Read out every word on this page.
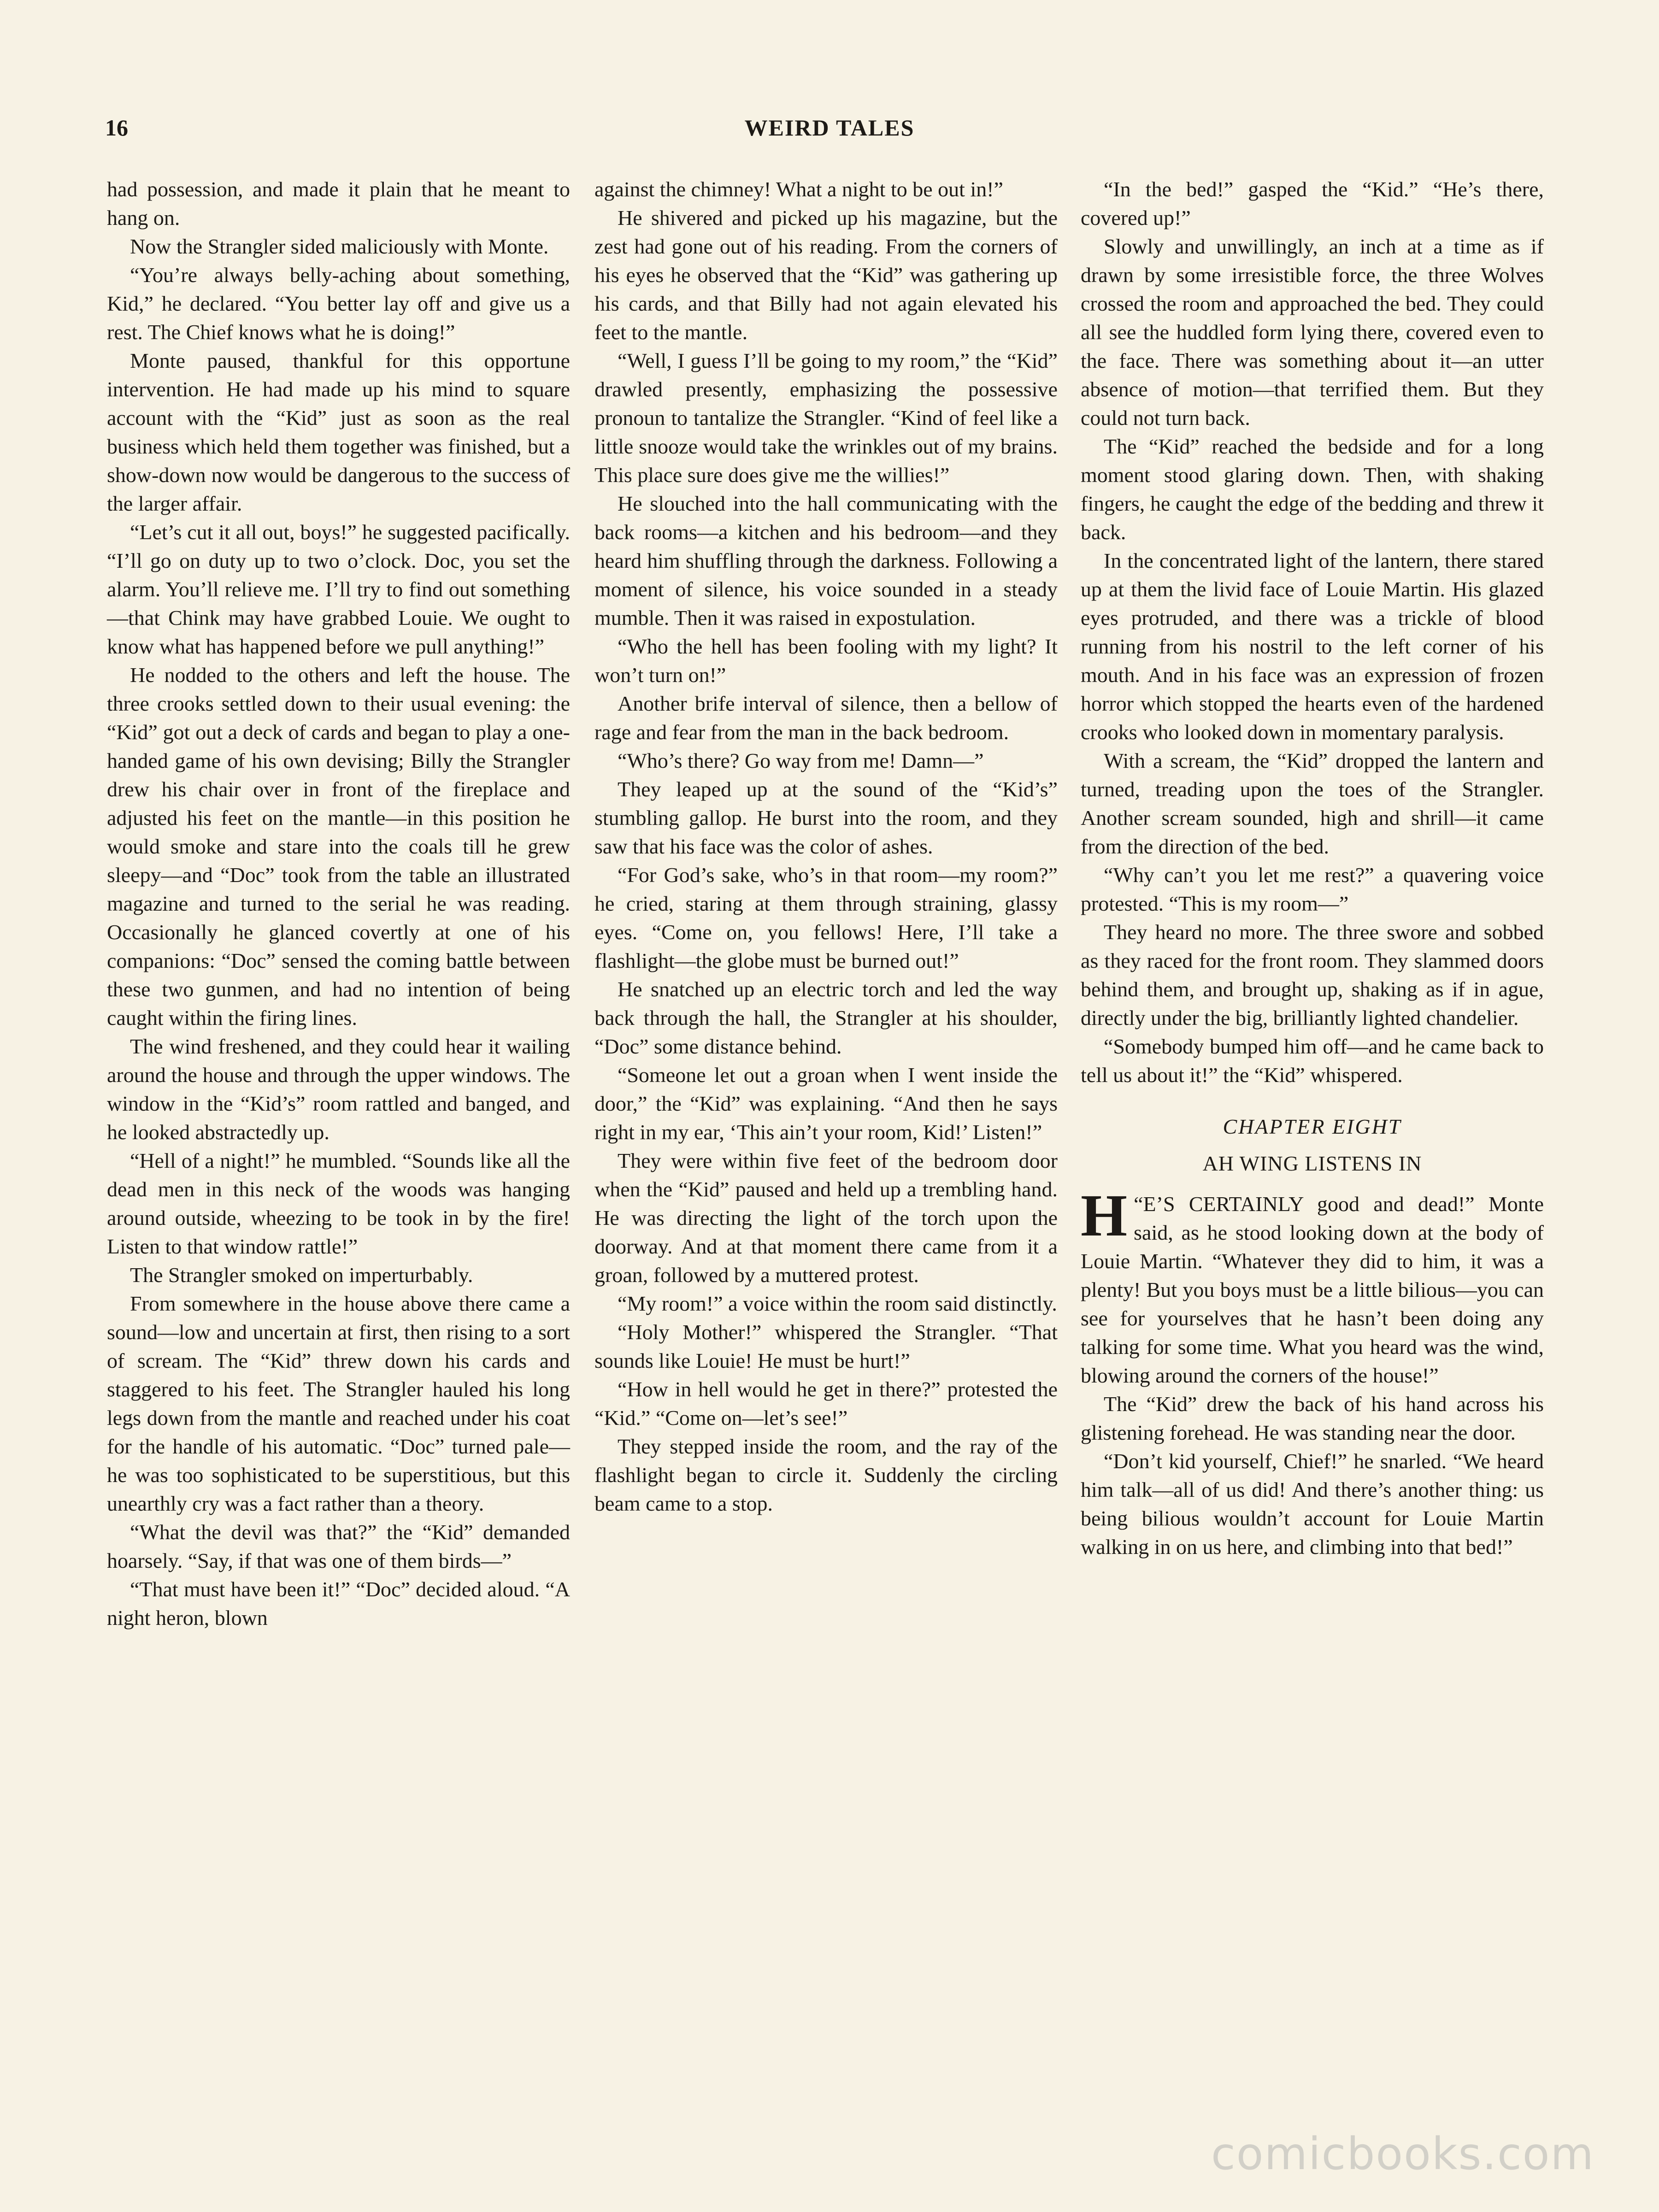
16	WEIRD TALES

had possession, and made it plain that he meant to hang on.

Now the Strangler sided maliciously with Monte.

“You’re always belly-aching about something, Kid,” he declared. “You better lay off and give us a rest. The Chief knows what he is doing!”

Monte paused, thankful for this opportune intervention. He had made up his mind to square account with the “Kid” just as soon as the real business which held them together was finished, but a show-down now would be dangerous to the success of the larger affair.

“Let’s cut it all out, boys!” he suggested pacifically. “I’ll go on duty up to two o’clock. Doc, you set the alarm. You’ll relieve me. I’ll try to find out something—that Chink may have grabbed Louie. We ought to know what has happened before we pull anything!”

He nodded to the others and left the house. The three crooks settled down to their usual evening: the “Kid” got out a deck of cards and began to play a one-handed game of his own devising; Billy the Strangler drew his chair over in front of the fireplace and adjusted his feet on the mantle—in this position he would smoke and stare into the coals till he grew sleepy—and “Doc” took from the table an illustrated magazine and turned to the serial he was reading. Occasionally he glanced covertly at one of his companions: “Doc” sensed the coming battle between these two gunmen, and had no intention of being caught within the firing lines.

The wind freshened, and they could hear it wailing around the house and through the upper windows. The window in the “Kid’s” room rattled and banged, and he looked abstractedly up.

“Hell of a night!” he mumbled. “Sounds like all the dead men in this neck of the woods was hanging around outside, wheezing to be took in by the fire! Listen to that window rattle!”

The Strangler smoked on imperturbably.

From somewhere in the house above there came a sound—low and uncertain at first, then rising to a sort of scream. The “Kid” threw down his cards and staggered to his feet. The Strangler hauled his long legs down from the mantle and reached under his coat for the handle of his automatic. “Doc” turned pale—he was too sophisticated to be superstitious, but this unearthly cry was a fact rather than a theory.

“What the devil was that?” the “Kid” demanded hoarsely. “Say, if that was one of them birds—”

“That must have been it!” “Doc” decided aloud. “A night heron, blown

against the chimney! What a night to be out in!”

He shivered and picked up his magazine, but the zest had gone out of his reading. From the corners of his eyes he observed that the “Kid” was gathering up his cards, and that Billy had not again elevated his feet to the mantle.

“Well, I guess I’ll be going to my room,” the “Kid” drawled presently, emphasizing the possessive pronoun to tantalize the Strangler. “Kind of feel like a little snooze would take the wrinkles out of my brains. This place sure does give me the willies!”

He slouched into the hall communicating with the back rooms—a kitchen and his bedroom—and they heard him shuffling through the darkness. Following a moment of silence, his voice sounded in a steady mumble. Then it was raised in expostulation.

“Who the hell has been fooling with my light? It won’t turn on!”

Another brife interval of silence, then a bellow of rage and fear from the man in the back bedroom.

“Who’s there? Go way from me! Damn—”

They leaped up at the sound of the “Kid’s” stumbling gallop. He burst into the room, and they saw that his face was the color of ashes.

“For God’s sake, who’s in that room—my room?” he cried, staring at them through straining, glassy eyes. “Come on, you fellows! Here, I’ll take a flashlight—the globe must be burned out!”

He snatched up an electric torch and led the way back through the hall, the Strangler at his shoulder, “Doc” some distance behind.

“Someone let out a groan when I went inside the door,” the “Kid” was explaining. “And then he says right in my ear, ‘This ain’t your room, Kid!’ Listen!”

They were within five feet of the bedroom door when the “Kid” paused and held up a trembling hand. He was directing the light of the torch upon the doorway. And at that moment there came from it a groan, followed by a muttered protest.

“My room!” a voice within the room said distinctly.

“Holy Mother!” whispered the Strangler. “That sounds like Louie! He must be hurt!”

“How in hell would he get in there?” protested the “Kid.” “Come on—let’s see!”

They stepped inside the room, and the ray of the flashlight began to circle it. Suddenly the circling beam came to a stop.

“In the bed!” gasped the “Kid.” “He’s there, covered up!”

Slowly and unwillingly, an inch at a time as if drawn by some irresistible force, the three Wolves crossed the room and approached the bed. They could all see the huddled form lying there, covered even to the face. There was something about it—an utter absence of motion—that terrified them. But they could not turn back.

The “Kid” reached the bedside and for a long moment stood glaring down. Then, with shaking fingers, he caught the edge of the bedding and threw it back.

In the concentrated light of the lantern, there stared up at them the livid face of Louie Martin. His glazed eyes protruded, and there was a trickle of blood running from his nostril to the left corner of his mouth. And in his face was an expression of frozen horror which stopped the hearts even of the hardened crooks who looked down in momentary paralysis.

With a scream, the “Kid” dropped the lantern and turned, treading upon the toes of the Strangler. Another scream sounded, high and shrill—it came from the direction of the bed.

“Why can’t you let me rest?” a quavering voice protested. “This is my room—”

They heard no more. The three swore and sobbed as they raced for the front room. They slammed doors behind them, and brought up, shaking as if in ague, directly under the big, brilliantly lighted chandelier.

“Somebody bumped him off—and he came back to tell us about it!” the “Kid” whispered.

CHAPTER EIGHT
AH WING LISTENS IN

“
H E’S CERTAINLY good and dead!” Monte said, as he stood looking down at the body of Louie Martin. “Whatever they did to him, it was a plenty! But you boys must be a little bilious—you can see for yourselves that he hasn’t been doing any talking for some time. What you heard was the wind, blowing around the corners of the house!”

The “Kid” drew the back of his hand across his glistening forehead. He was standing near the door.

“Don’t kid yourself, Chief!” he snarled. “We heard him talk—all of us did! And there’s another thing: us being bilious wouldn’t account for Louie Martin walking in on us here, and climbing into that bed!”

comicbooks.com
